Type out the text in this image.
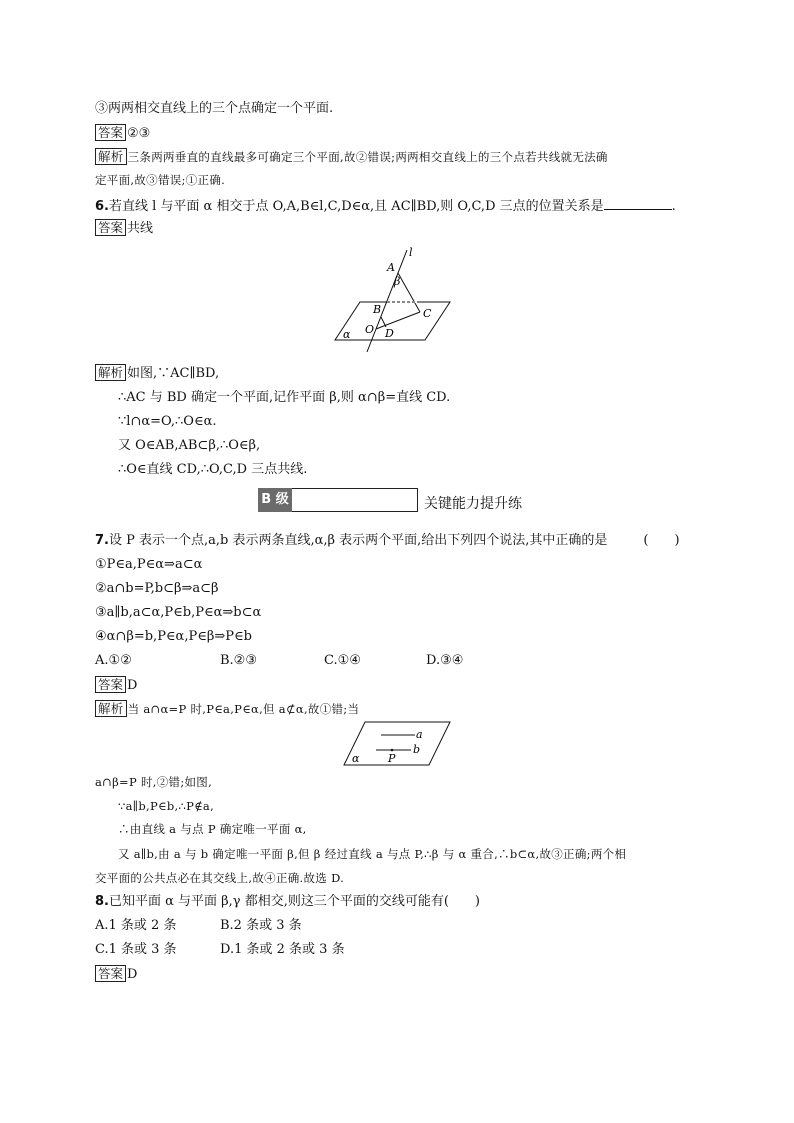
③两两相交直线上的三个点确定一个平面.
答案 ②③
解析 三条两两垂直的直线最多可确定三个平面,故②错误;两两相交直线上的三个点若共线就无法确
定平面,故③错误;①正确.
6.若直线 l 与平面 α 相交于点 O,A,B∈l,C,D∈α,且 AC∥BD,则 O,C,D 三点的位置关系是	.
答案 共线
l
A
β
B	C
O D
α
解析 如图,∵AC∥BD,
∴AC 与 BD 确定一个平面,记作平面 β,则 α∩β=直线 CD.
∵l∩α=O,∴O∈α.
又 O∈AB,AB⊂β,∴O∈β,
∴O∈直线 CD,∴O,C,D 三点共线.
B 级	关键能力提升练
7.设 P 表示一个点,a,b 表示两条直线,α,β 表示两个平面,给出下列四个说法,其中正确的是	(　　)
①P∈a,P∈α⇒a⊂α
②a∩b=P,b⊂β⇒a⊂β
③a∥b,a⊂α,P∈b,P∈α⇒b⊂α
④α∩β=b,P∈α,P∈β⇒P∈b
A.①②	B.②③	C.①④	D.③④
答案 D
解析 当 a∩α=P 时,P∈a,P∈α,但 a⊄α,故①错;当
a
b
P
α
a∩β=P 时,②错;如图,
∵a∥b,P∈b,∴P∉a,
∴由直线 a 与点 P 确定唯一平面 α,
又 a∥b,由 a 与 b 确定唯一平面 β,但 β 经过直线 a 与点 P,∴β 与 α 重合,∴b⊂α,故③正确;两个相
交平面的公共点必在其交线上,故④正确.故选 D.
8.已知平面 α 与平面 β,γ 都相交,则这三个平面的交线可能有(　　)
A.1 条或 2 条	B.2 条或 3 条
C.1 条或 3 条	D.1 条或 2 条或 3 条
答案 D
